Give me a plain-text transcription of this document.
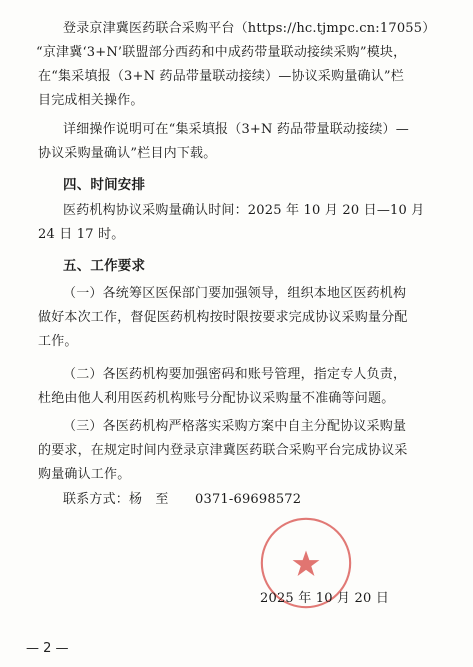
登录京津冀医药联合采购平台（https://hc.tjmpc.cn:17055）
“京津冀‘3+N’联盟部分西药和中成药带量联动接续采购”模块，
在“集采填报（3+N 药品带量联动接续）—协议采购量确认”栏
目完成相关操作。
详细操作说明可在“集采填报（3+N 药品带量联动接续）—
协议采购量确认”栏目内下载。
四、时间安排
医药机构协议采购量确认时间：2025 年 10 月 20 日—10 月
24 日 17 时。
五、工作要求
（一）各统筹区医保部门要加强领导，组织本地区医药机构
做好本次工作，督促医药机构按时限按要求完成协议采购量分配
工作。
（二）各医药机构要加强密码和账号管理，指定专人负责，
杜绝由他人利用医药机构账号分配协议采购量不准确等问题。
（三）各医药机构严格落实采购方案中自主分配协议采购量
的要求，在规定时间内登录京津冀医药联合采购平台完成协议采
购量确认工作。
联系方式：杨　至　　0371-69698572
2025 年 10 月 20 日
— 2 —
